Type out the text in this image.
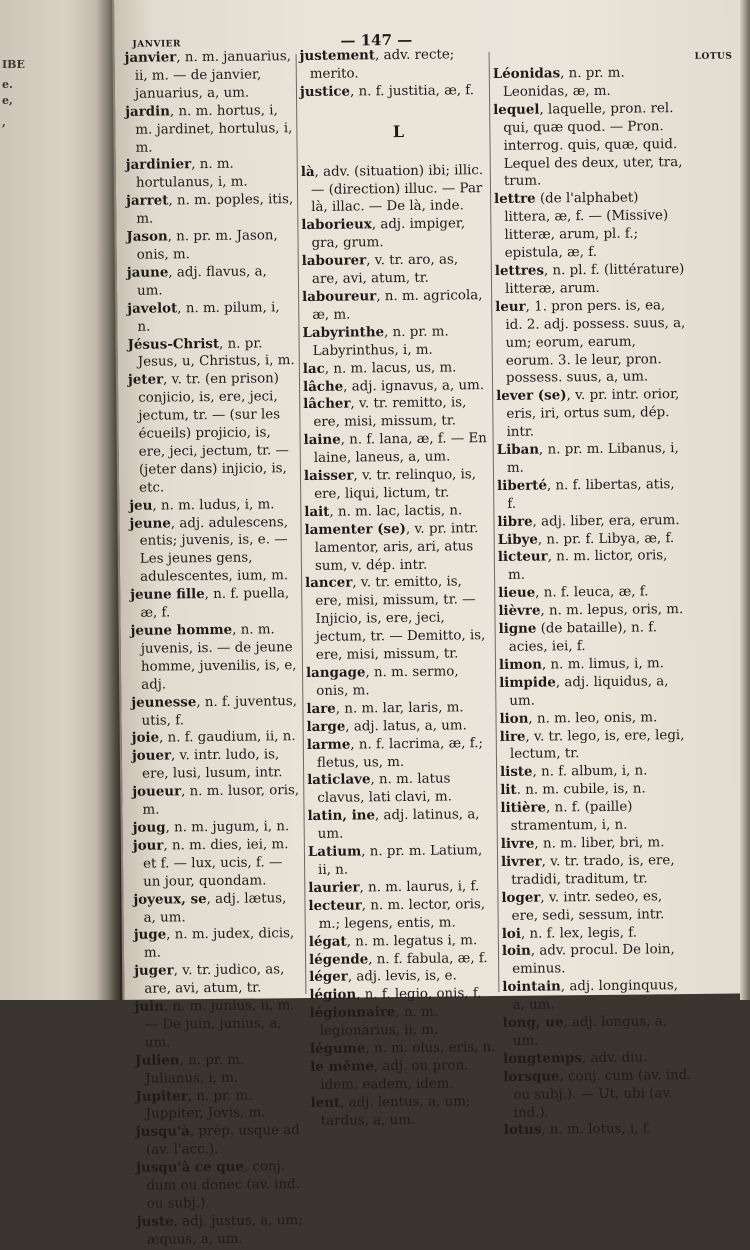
IBE
e.
e,
,
JANVIER	— 147 —
LOTUS

janvier, n. m. januarius, ii, m. — de janvier, januarius, a, um.

jardin, n. m. hortus, i, m. jardinet, hortulus, i, m.

jardinier, n. m. hortulanus, i, m.

jarret, n. m. poples, itis, m.

Jason, n. pr. m. Jason, onis, m.

jaune, adj. flavus, a, um.

javelot, n. m. pilum, i, n.

Jésus-Christ, n. pr. Jesus, u, Christus, i, m.

jeter, v. tr. (en prison) conjicio, is, ere, jeci, jectum, tr. — (sur les écueils) projicio, is, ere, jeci, jectum, tr. — (jeter dans) injicio, is, etc.

jeu, n. m. ludus, i, m.

jeune, adj. adulescens, entis; juvenis, is, e. — Les jeunes gens, adulescentes, ium, m.

jeune fille, n. f. puella, æ, f.

jeune homme, n. m. juvenis, is. — de jeune homme, juvenilis, is, e, adj.

jeunesse, n. f. juventus, utis, f.

joie, n. f. gaudium, ii, n.

jouer, v. intr. ludo, is, ere, lusi, lusum, intr.

joueur, n. m. lusor, oris, m.

joug, n. m. jugum, i, n.

jour, n. m. dies, iei, m. et f. — lux, ucis, f. — un jour, quondam.

joyeux, se, adj. lætus, a, um.

juge, n. m. judex, dicis, m.

juger, v. tr. judico, as, are, avi, atum, tr.

juin, n. m. junius, ii, m. — De juin, junius, a, um.

Julien, n. pr. m. Julianus, i, m.

Jupiter, n. pr. m. Juppiter, Jovis, m.

jusqu'à, prép. usque ad (av. l'acc.).

jusqu'à ce que, conj. dum ou donec (av. ind. ou subj.).

juste, adj. justus, a, um; æquus, a, um.

justement, adv. recte; merito.

justice, n. f. justitia, æ, f.

L

là, adv. (situation) ibi; illic. — (direction) illuc. — Par là, illac. — De là, inde.

laborieux, adj. impiger, gra, grum.

labourer, v. tr. aro, as, are, avi, atum, tr.

laboureur, n. m. agricola, æ, m.

Labyrinthe, n. pr. m. Labyrinthus, i, m.

lac, n. m. lacus, us, m.

lâche, adj. ignavus, a, um.

lâcher, v. tr. remitto, is, ere, misi, missum, tr.

laine, n. f. lana, æ, f. — En laine, laneus, a, um.

laisser, v. tr. relinquo, is, ere, liqui, lictum, tr.

lait, n. m. lac, lactis, n.

lamenter (se), v. pr. intr. lamentor, aris, ari, atus sum, v. dép. intr.

lancer, v. tr. emitto, is, ere, misi, missum, tr. — Injicio, is, ere, jeci, jectum, tr. — Demitto, is, ere, misi, missum, tr.

langage, n. m. sermo, onis, m.

lare, n. m. lar, laris, m.

large, adj. latus, a, um.

larme, n. f. lacrima, æ, f.; fletus, us, m.

laticlave, n. m. latus clavus, lati clavi, m.

latin, ine, adj. latinus, a, um.

Latium, n. pr. m. Latium, ii, n.

laurier, n. m. laurus, i, f.

lecteur, n. m. lector, oris, m.; legens, entis, m.

légat, n. m. legatus i, m.

légende, n. f. fabula, æ, f.

léger, adj. levis, is, e.

légion, n. f. legio, onis, f.

légionnaire, n. m. legionarius, ii, m.

légume, n. m. olus, eris, n.

le même, adj. ou pron. idem, eadem, idem.

lent, adj. lentus, a, um; tardus, a, um.

Léonidas, n. pr. m. Leonidas, æ, m.

lequel, laquelle, pron. rel. qui, quæ quod. — Pron. interrog. quis, quæ, quid. Lequel des deux, uter, tra, trum.

lettre (de l'alphabet) littera, æ, f. — (Missive) litteræ, arum, pl. f.; epistula, æ, f.

lettres, n. pl. f. (littérature) litteræ, arum.

leur, 1. pron pers. is, ea, id. 2. adj. possess. suus, a, um; eorum, earum, eorum. 3. le leur, pron. possess. suus, a, um.

lever (se), v. pr. intr. orior, eris, iri, ortus sum, dép. intr.

Liban, n. pr. m. Libanus, i, m.

liberté, n. f. libertas, atis, f.

libre, adj. liber, era, erum.

Libye, n. pr. f. Libya, æ, f.

licteur, n. m. lictor, oris, m.

lieue, n. f. leuca, æ, f.

lièvre, n. m. lepus, oris, m.

ligne (de bataille), n. f. acies, iei, f.

limon, n. m. limus, i, m.

limpide, adj. liquidus, a, um.

lion, n. m. leo, onis, m.

lire, v. tr. lego, is, ere, legi, lectum, tr.

liste, n. f. album, i, n.

lit. n. m. cubile, is, n.

litière, n. f. (paille) stramentum, i, n.

livre, n. m. liber, bri, m.

livrer, v. tr. trado, is, ere, tradidi, traditum, tr.

loger, v. intr. sedeo, es, ere, sedi, sessum, intr.

loi, n. f. lex, legis, f.

loin, adv. procul. De loin, eminus.

lointain, adj. longinquus, a, um.

long, ue, adj. longus, a, um.

longtemps, adv. diu.

lorsque, conj. cum (av. ind. ou subj.). — Ut, ubi (av. ind.).

lotus, n. m. lotus, i, f.
